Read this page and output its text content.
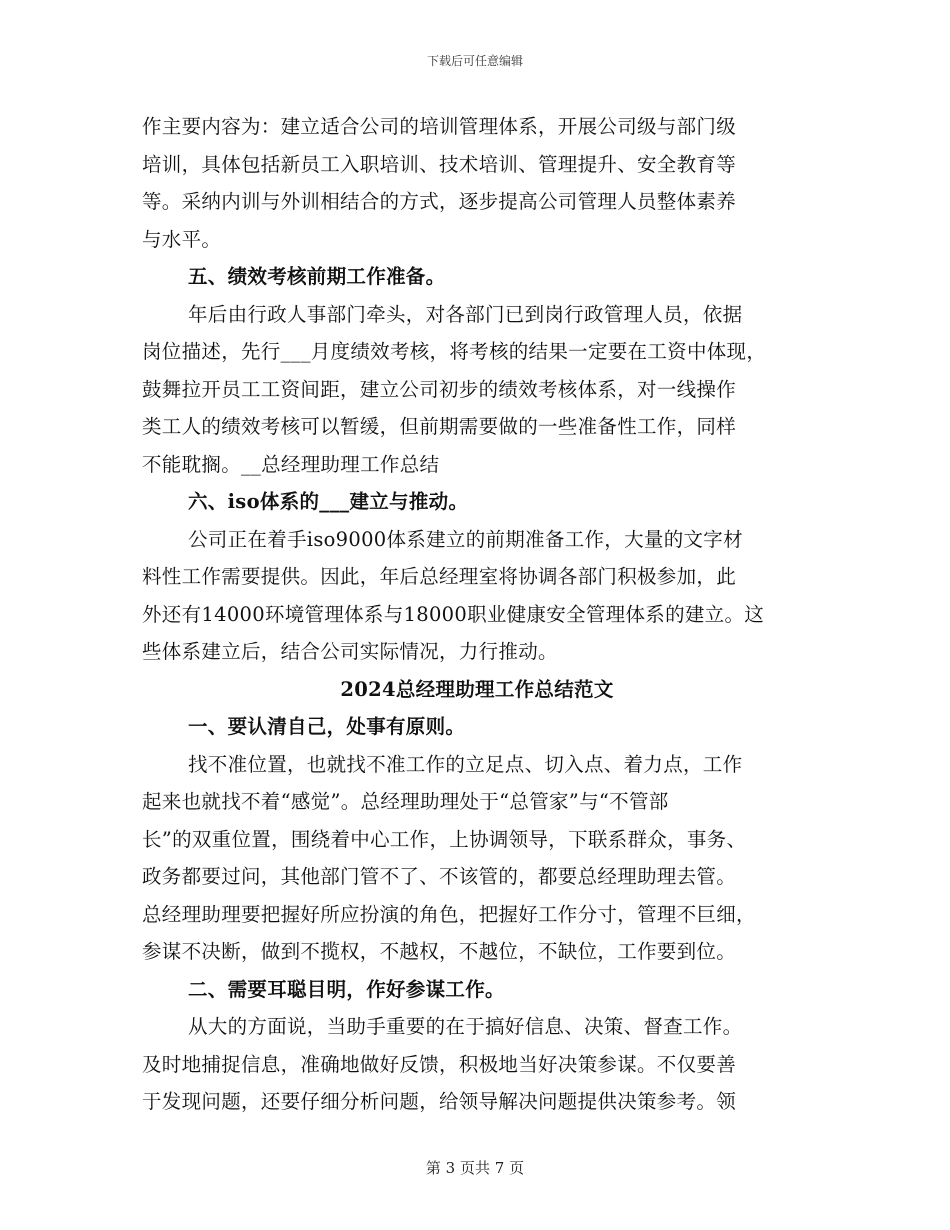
下载后可任意编辑
作主要内容为：建立适合公司的培训管理体系，开展公司级与部门级
培训，具体包括新员工入职培训、技术培训、管理提升、安全教育等
等。采纳内训与外训相结合的方式，逐步提高公司管理人员整体素养
与水平。
五、绩效考核前期工作准备。
年后由行政人事部门牵头，对各部门已到岗行政管理人员，依据
岗位描述，先行___月度绩效考核，将考核的结果一定要在工资中体现，
鼓舞拉开员工工资间距，建立公司初步的绩效考核体系，对一线操作
类工人的绩效考核可以暂缓，但前期需要做的一些准备性工作，同样
不能耽搁。__总经理助理工作总结
六、iso体系的___建立与推动。
公司正在着手iso9000体系建立的前期准备工作，大量的文字材
料性工作需要提供。因此，年后总经理室将协调各部门积极参加，此
外还有14000环境管理体系与18000职业健康安全管理体系的建立。这
些体系建立后，结合公司实际情况，力行推动。
2024总经理助理工作总结范文
一、要认清自己，处事有原则。
找不准位置，也就找不准工作的立足点、切入点、着力点，工作
起来也就找不着“感觉”。总经理助理处于“总管家”与“不管部
长”的双重位置，围绕着中心工作，上协调领导，下联系群众，事务、
政务都要过问，其他部门管不了、不该管的，都要总经理助理去管。
总经理助理要把握好所应扮演的角色，把握好工作分寸，管理不巨细，
参谋不决断，做到不揽权，不越权，不越位，不缺位，工作要到位。
二、需要耳聪目明，作好参谋工作。
从大的方面说，当助手重要的在于搞好信息、决策、督查工作。
及时地捕捉信息，准确地做好反馈，积极地当好决策参谋。不仅要善
于发现问题，还要仔细分析问题，给领导解决问题提供决策参考。领
第 3 页共 7 页
